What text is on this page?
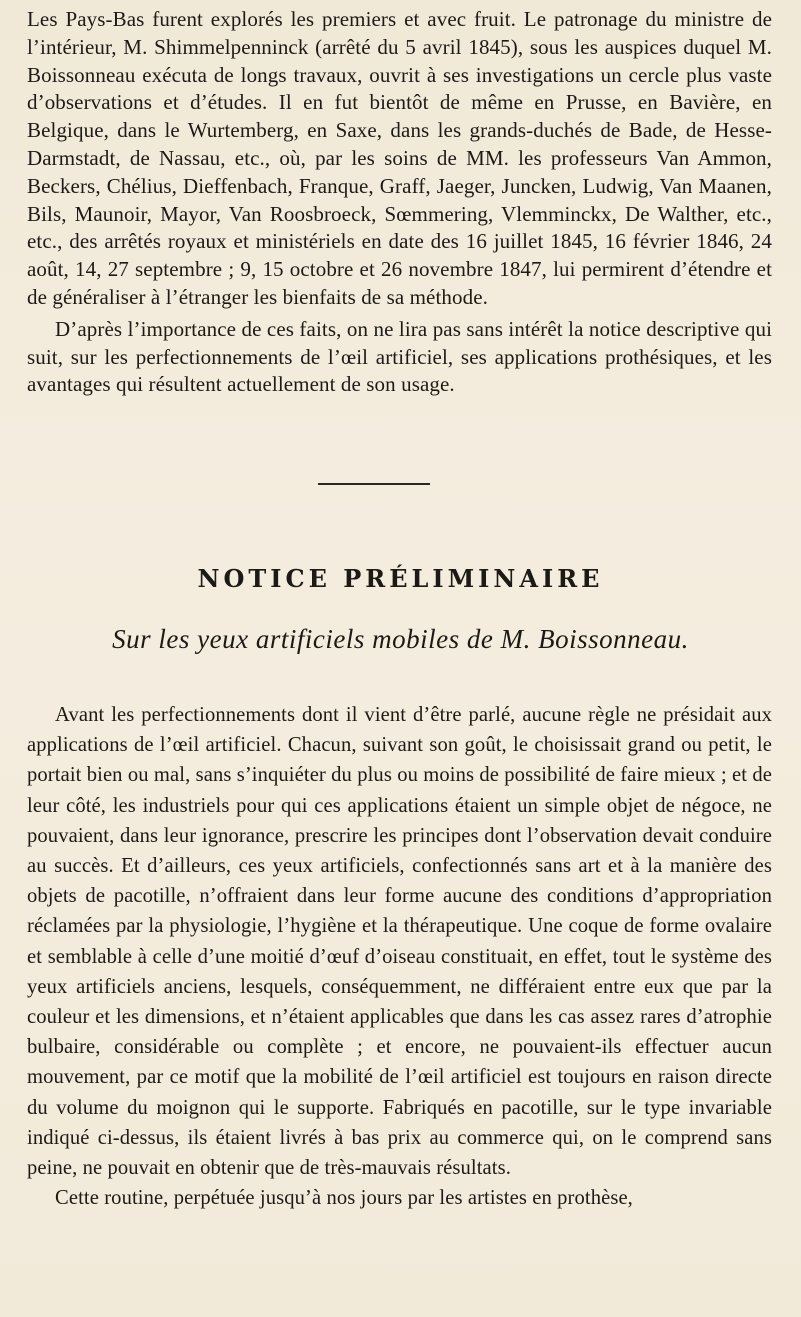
Les Pays-Bas furent explorés les premiers et avec fruit. Le patronage du ministre de l’intérieur, M. Shimmelpenninck (arrêté du 5 avril 1845), sous les auspices duquel M. Boissonneau exécuta de longs travaux, ouvrit à ses investigations un cercle plus vaste d’observations et d’études. Il en fut bientôt de même en Prusse, en Bavière, en Belgique, dans le Wurtemberg, en Saxe, dans les grands-duchés de Bade, de Hesse-Darmstadt, de Nassau, etc., où, par les soins de MM. les professeurs Van Ammon, Beckers, Chélius, Dieffenbach, Franque, Graff, Jaeger, Juncken, Ludwig, Van Maanen, Bils, Maunoir, Mayor, Van Roosbroeck, Sœmmering, Vlemminckx, De Walther, etc., etc., des arrêtés royaux et ministériels en date des 16 juillet 1845, 16 février 1846, 24 août, 14, 27 septembre ; 9, 15 octobre et 26 novembre 1847, lui permirent d’étendre et de généraliser à l’étranger les bienfaits de sa méthode.

D’après l’importance de ces faits, on ne lira pas sans intérêt la notice descriptive qui suit, sur les perfectionnements de l’œil artificiel, ses applications prothésiques, et les avantages qui résultent actuellement de son usage.

NOTICE PRÉLIMINAIRE
Sur les yeux artificiels mobiles de M. Boissonneau.

Avant les perfectionnements dont il vient d’être parlé, aucune règle ne présidait aux applications de l’œil artificiel. Chacun, suivant son goût, le choisissait grand ou petit, le portait bien ou mal, sans s’inquiéter du plus ou moins de possibilité de faire mieux ; et de leur côté, les industriels pour qui ces applications étaient un simple objet de négoce, ne pouvaient, dans leur ignorance, prescrire les principes dont l’observation devait conduire au succès. Et d’ailleurs, ces yeux artificiels, confectionnés sans art et à la manière des objets de pacotille, n’offraient dans leur forme aucune des conditions d’appropriation réclamées par la physiologie, l’hygiène et la thérapeutique. Une coque de forme ovalaire et semblable à celle d’une moitié d’œuf d’oiseau constituait, en effet, tout le système des yeux artificiels anciens, lesquels, conséquemment, ne différaient entre eux que par la couleur et les dimensions, et n’étaient applicables que dans les cas assez rares d’atrophie bulbaire, considérable ou complète ; et encore, ne pouvaient-ils effectuer aucun mouvement, par ce motif que la mobilité de l’œil artificiel est toujours en raison directe du volume du moignon qui le supporte. Fabriqués en pacotille, sur le type invariable indiqué ci-dessus, ils étaient livrés à bas prix au commerce qui, on le comprend sans peine, ne pouvait en obtenir que de très-mauvais résultats.

Cette routine, perpétuée jusqu’à nos jours par les artistes en prothèse,
